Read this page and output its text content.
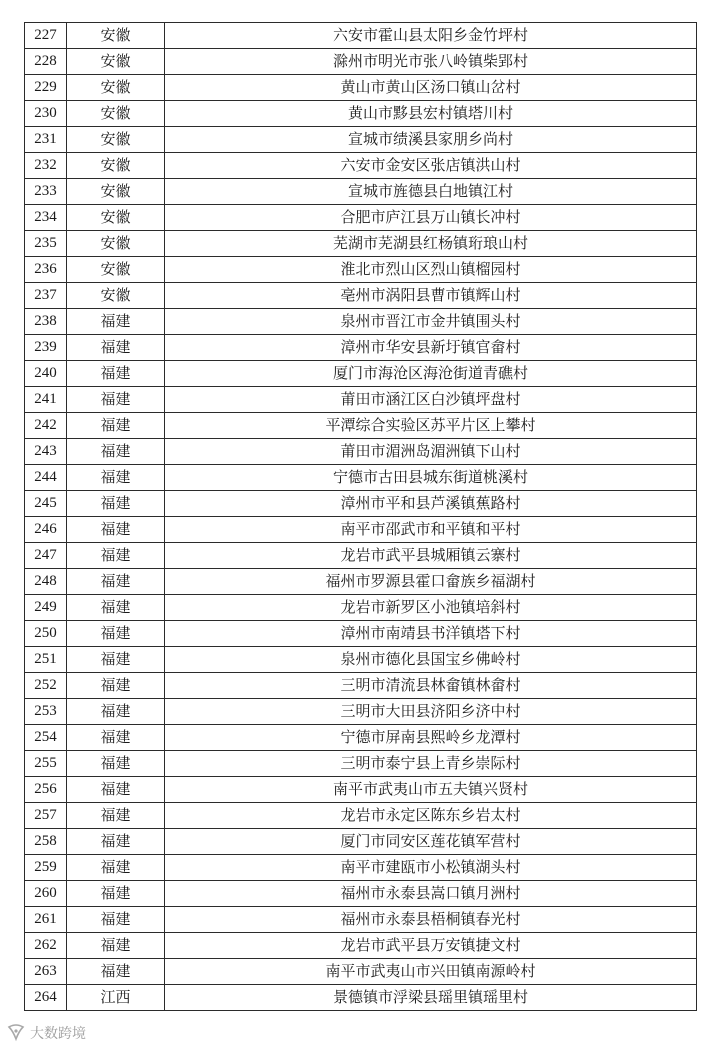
227	安徽	六安市霍山县太阳乡金竹坪村
228	安徽	滁州市明光市张八岭镇柴郢村
229	安徽	黄山市黄山区汤口镇山岔村
230	安徽	黄山市黟县宏村镇塔川村
231	安徽	宣城市绩溪县家朋乡尚村
232	安徽	六安市金安区张店镇洪山村
233	安徽	宣城市旌德县白地镇江村
234	安徽	合肥市庐江县万山镇长冲村
235	安徽	芜湖市芜湖县红杨镇珩琅山村
236	安徽	淮北市烈山区烈山镇榴园村
237	安徽	亳州市涡阳县曹市镇辉山村
238	福建	泉州市晋江市金井镇围头村
239	福建	漳州市华安县新圩镇官畲村
240	福建	厦门市海沧区海沧街道青礁村
241	福建	莆田市涵江区白沙镇坪盘村
242	福建	平潭综合实验区苏平片区上攀村
243	福建	莆田市湄洲岛湄洲镇下山村
244	福建	宁德市古田县城东街道桃溪村
245	福建	漳州市平和县芦溪镇蕉路村
246	福建	南平市邵武市和平镇和平村
247	福建	龙岩市武平县城厢镇云寨村
248	福建	福州市罗源县霍口畲族乡福湖村
249	福建	龙岩市新罗区小池镇培斜村
250	福建	漳州市南靖县书洋镇塔下村
251	福建	泉州市德化县国宝乡佛岭村
252	福建	三明市清流县林畲镇林畲村
253	福建	三明市大田县济阳乡济中村
254	福建	宁德市屏南县熙岭乡龙潭村
255	福建	三明市泰宁县上青乡崇际村
256	福建	南平市武夷山市五夫镇兴贤村
257	福建	龙岩市永定区陈东乡岩太村
258	福建	厦门市同安区莲花镇军营村
259	福建	南平市建瓯市小松镇湖头村
260	福建	福州市永泰县嵩口镇月洲村
261	福建	福州市永泰县梧桐镇春光村
262	福建	龙岩市武平县万安镇捷文村
263	福建	南平市武夷山市兴田镇南源岭村
264	江西	景德镇市浮梁县瑶里镇瑶里村
大数跨境
